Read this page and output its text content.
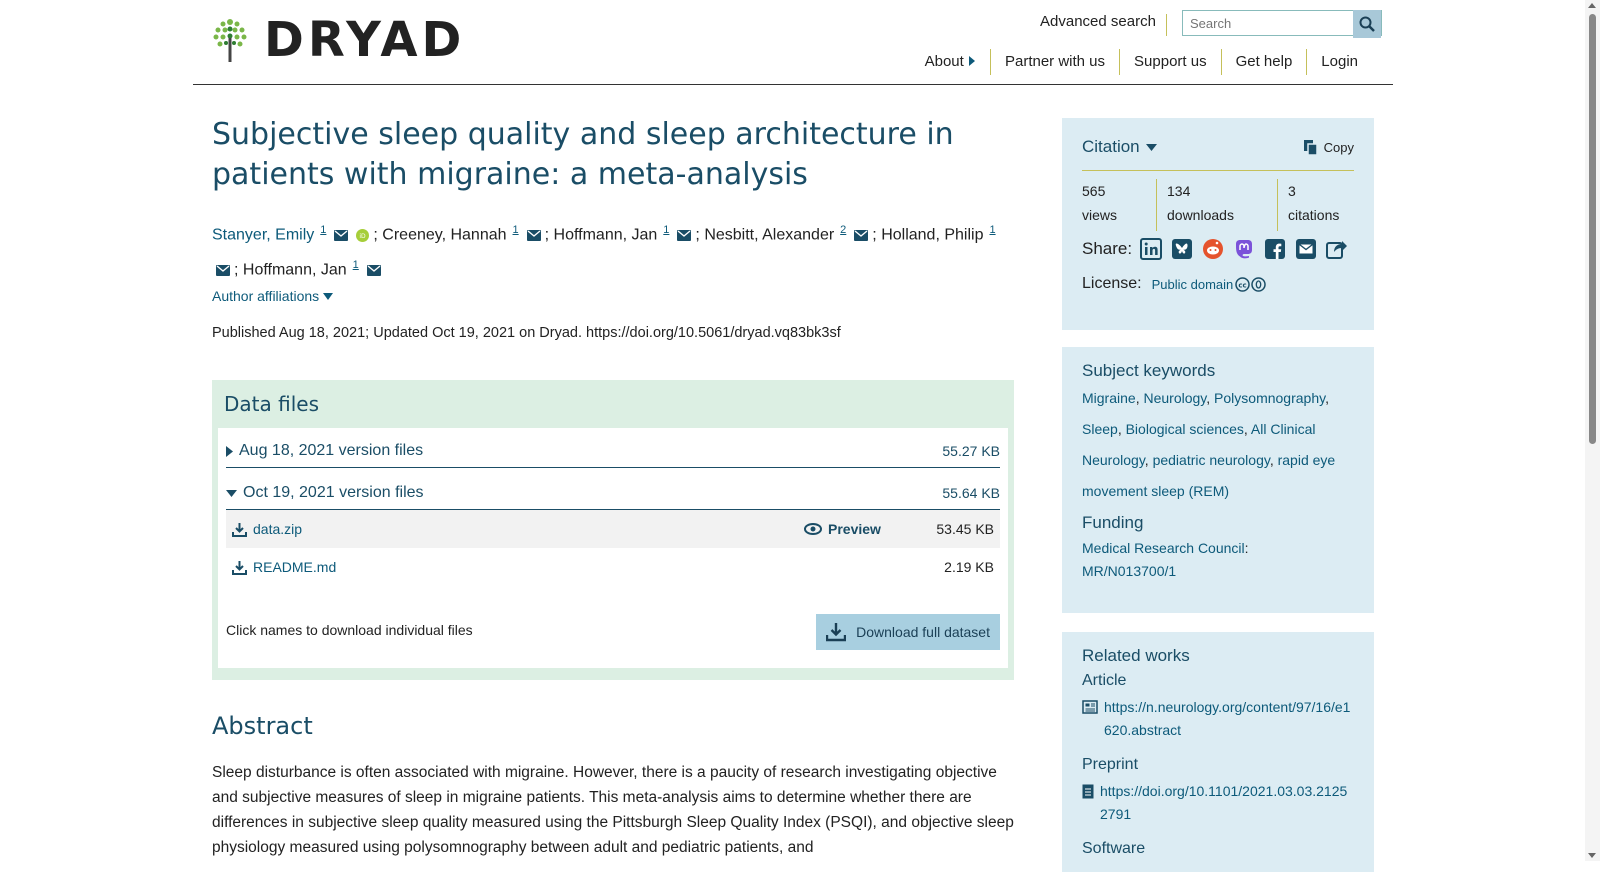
DRYAD	Advanced search
Search
About	Partner with us	Support us	Get help	Login
Subjective sleep quality and sleep architecture in patients with migraine: a meta-analysis
Stanyer, Emily $^1$
iD ; Creeney, Hannah $^1$ ; Hoffmann, Jan $^1$ ; Nesbitt, Alexander $^2$ ; Holland, Philip $^1$; Hoffmann, Jan $^1$
Author affiliations
Published Aug 18, 2021; Updated Oct 19, 2021 on Dryad. https://doi.org/10.5061/dryad.vq83bk3sf
Data files
Aug 18, 2021 version files	55.27 KB
Oct 19, 2021 version files	55.64 KB
data.zip	Preview	53.45 KB
README.md	2.19 KB
Click names to download individual files	Download full dataset
Abstract
Sleep disturbance is often associated with migraine. However, there is a paucity of research investigating objective and subjective measures of sleep in migraine patients. This meta-analysis aims to determine whether there are differences in subjective sleep quality measured using the Pittsburgh Sleep Quality Index (PSQI), and objective sleep physiology measured using polysomnography between adult and pediatric patients, and
Citation	Copy
565
views
134
downloads
3
citations
Share:
License: Public domain cc
Subject keywords
Migraine, Neurology, Polysomnography, Sleep, Biological sciences, All Clinical Neurology, pediatric neurology, rapid eye movement sleep (REM)
Funding
Medical Research Council:
MR/N013700/1
Related works
Article
https://n.neurology.org/content/97/16/e1620.abstract
Preprint
https://doi.org/10.1101/2021.03.03.21252791
Software
